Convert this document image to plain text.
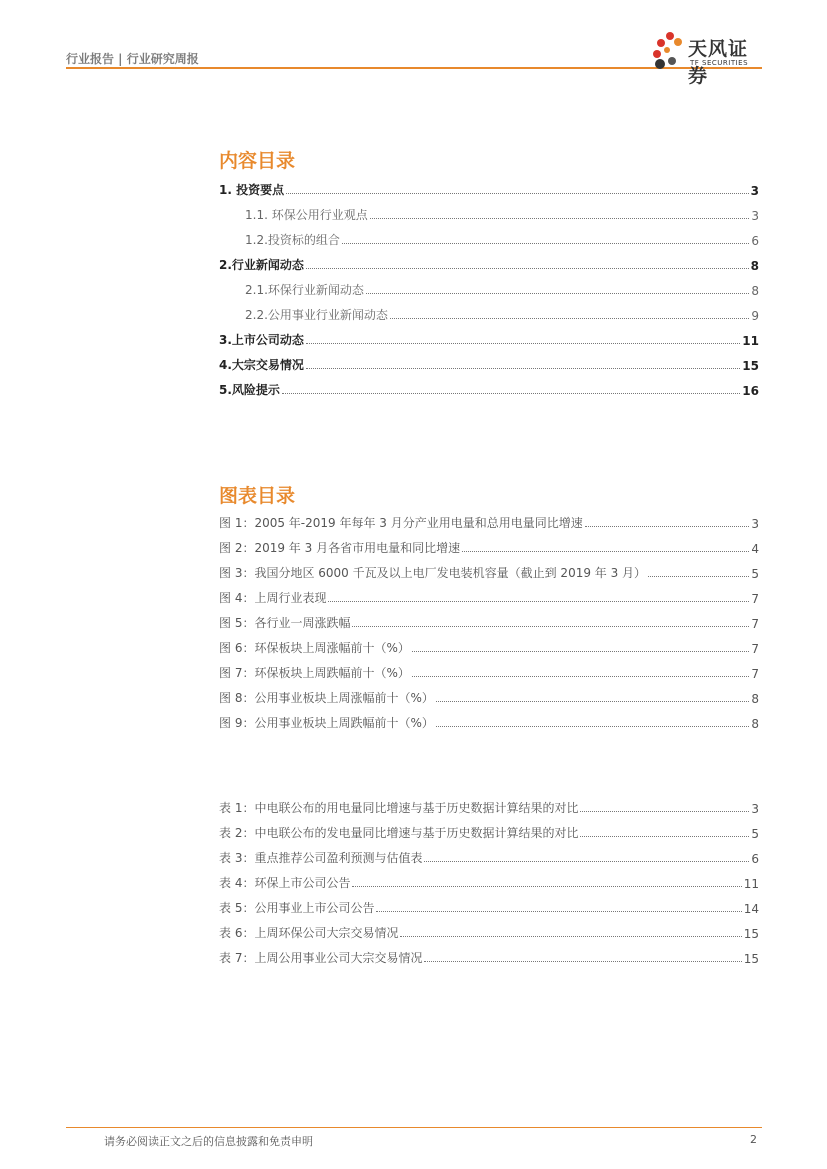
行业报告 | 行业研究周报	天风证券
TF SECURITIES
内容目录
1. 投资要点	3
1.1. 环保公用行业观点	3
1.2.投资标的组合	6
2.行业新闻动态	8
2.1.环保行业新闻动态	8
2.2.公用事业行业新闻动态	9
3.上市公司动态	11
4.大宗交易情况	15
5.风险提示	16
图表目录
图 1：2005 年-2019 年每年 3 月分产业用电量和总用电量同比增速	3
图 2：2019 年 3 月各省市用电量和同比增速	4
图 3：我国分地区 6000 千瓦及以上电厂发电装机容量（截止到 2019 年 3 月）	5
图 4：上周行业表现	7
图 5：各行业一周涨跌幅	7
图 6：环保板块上周涨幅前十（%）	7
图 7：环保板块上周跌幅前十（%）	7
图 8：公用事业板块上周涨幅前十（%）	8
图 9：公用事业板块上周跌幅前十（%）	8
表 1：中电联公布的用电量同比增速与基于历史数据计算结果的对比	3
表 2：中电联公布的发电量同比增速与基于历史数据计算结果的对比	5
表 3：重点推荐公司盈利预测与估值表	6
表 4：环保上市公司公告	11
表 5：公用事业上市公司公告	14
表 6：上周环保公司大宗交易情况	15
表 7：上周公用事业公司大宗交易情况	15
请务必阅读正文之后的信息披露和免责申明	2
